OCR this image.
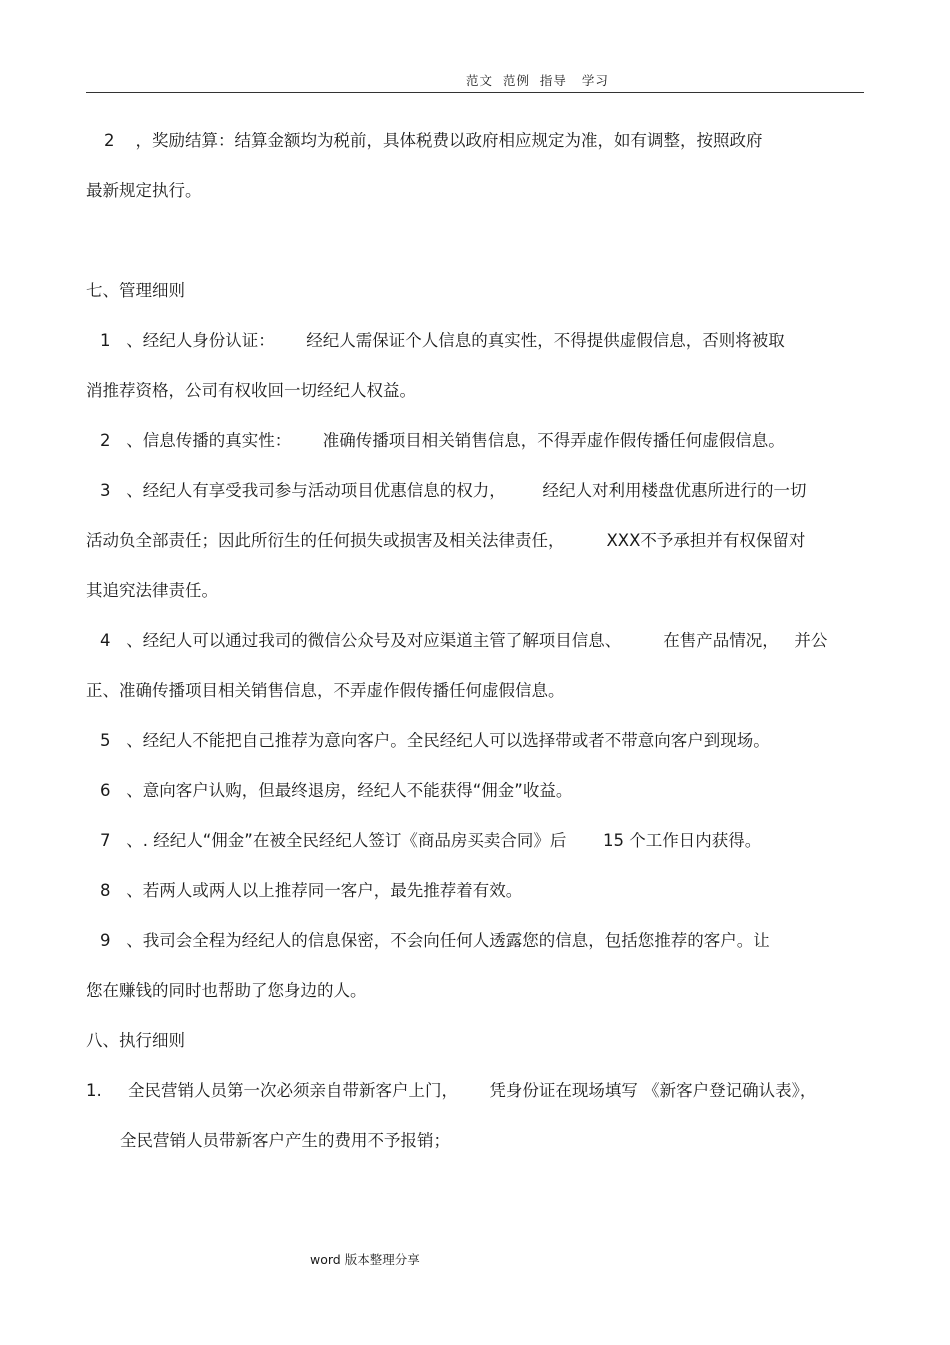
范文  范例  指导   学习
2    ，奖励结算：结算金额均为税前，具体税费以政府相应规定为准，如有调整，按照政府
最新规定执行。
七、管理细则
1   、经纪人身份认证：      经纪人需保证个人信息的真实性，不得提供虚假信息，否则将被取
消推荐资格，公司有权收回一切经纪人权益。
2   、信息传播的真实性：      准确传播项目相关销售信息，不得弄虚作假传播任何虚假信息。
3   、经纪人有享受我司参与活动项目优惠信息的权力，       经纪人对利用楼盘优惠所进行的一切
活动负全部责任；因此所衍生的任何损失或损害及相关法律责任，        XXX不予承担并有权保留对
其追究法律责任。
4   、经纪人可以通过我司的微信公众号及对应渠道主管了解项目信息、        在售产品情况，   并公
正、准确传播项目相关销售信息，不弄虚作假传播任何虚假信息。
5   、经纪人不能把自己推荐为意向客户。全民经纪人可以选择带或者不带意向客户到现场。
6   、意向客户认购，但最终退房，经纪人不能获得“佣金”收益。
7   、. 经纪人“佣金”在被全民经纪人签订《商品房买卖合同》后       15 个工作日内获得。
8   、若两人或两人以上推荐同一客户，最先推荐着有效。
9   、我司会全程为经纪人的信息保密，不会向任何人透露您的信息，包括您推荐的客户。让
您在赚钱的同时也帮助了您身边的人。
八、执行细则
1.     全民营销人员第一次必须亲自带新客户上门，      凭身份证在现场填写 《新客户登记确认表》，
全民营销人员带新客户产生的费用不予报销；
word 版本整理分享
